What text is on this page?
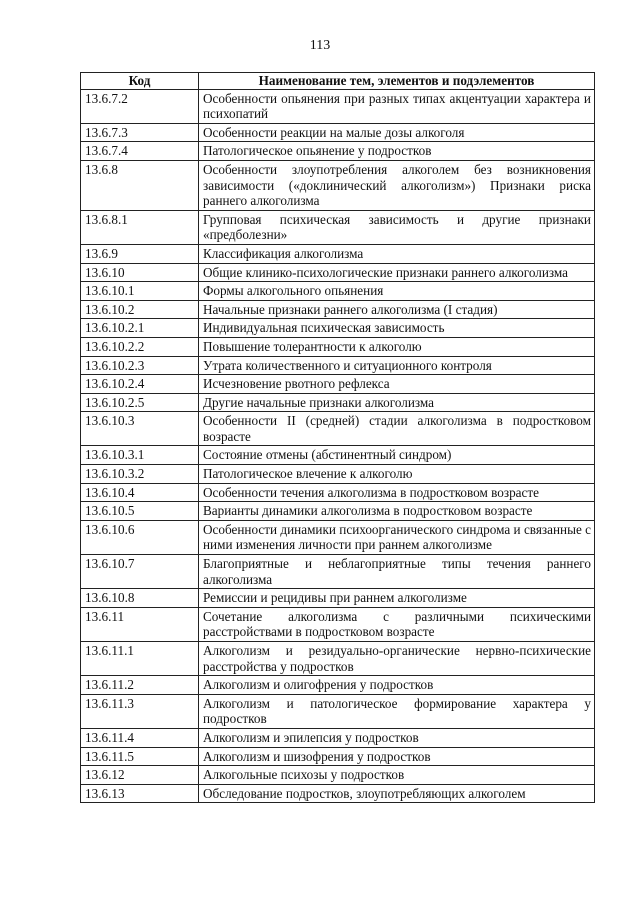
113
Код	Наименование тем, элементов и подэлементов
13.6.7.2	Особенности опьянения при разных типах акцентуации характера и психопатий
13.6.7.3	Особенности реакции на малые дозы алкоголя
13.6.7.4	Патологическое опьянение у подростков
13.6.8	Особенности злоупотребления алкоголем без возникновения зависимости («доклинический алкоголизм») Признаки риска раннего алкоголизма
13.6.8.1	Групповая психическая зависимость и другие признаки «предболезни»
13.6.9	Классификация алкоголизма
13.6.10	Общие клинико-психологические признаки раннего алкоголизма
13.6.10.1	Формы алкогольного опьянения
13.6.10.2	Начальные признаки раннего алкоголизма (I стадия)
13.6.10.2.1	Индивидуальная психическая зависимость
13.6.10.2.2	Повышение толерантности к алкоголю
13.6.10.2.3	Утрата количественного и ситуационного контроля
13.6.10.2.4	Исчезновение рвотного рефлекса
13.6.10.2.5	Другие начальные признаки алкоголизма
13.6.10.3	Особенности II (средней) стадии алкоголизма в подростковом возрасте
13.6.10.3.1	Состояние отмены (абстинентный синдром)
13.6.10.3.2	Патологическое влечение к алкоголю
13.6.10.4	Особенности течения алкоголизма в подростковом возрасте
13.6.10.5	Варианты динамики алкоголизма в подростковом возрасте
13.6.10.6	Особенности динамики психоорганического синдрома и связанные с ними изменения личности при раннем алкоголизме
13.6.10.7	Благоприятные и неблагоприятные типы течения раннего алкоголизма
13.6.10.8	Ремиссии и рецидивы при раннем алкоголизме
13.6.11	Сочетание алкоголизма с различными психическими расстройствами в подростковом возрасте
13.6.11.1	Алкоголизм и резидуально-органические нервно-психические расстройства у подростков
13.6.11.2	Алкоголизм и олигофрения у подростков
13.6.11.3	Алкоголизм и патологическое формирование характера у подростков
13.6.11.4	Алкоголизм и эпилепсия у подростков
13.6.11.5	Алкоголизм и шизофрения у подростков
13.6.12	Алкогольные психозы у подростков
13.6.13	Обследование подростков, злоупотребляющих алкоголем
